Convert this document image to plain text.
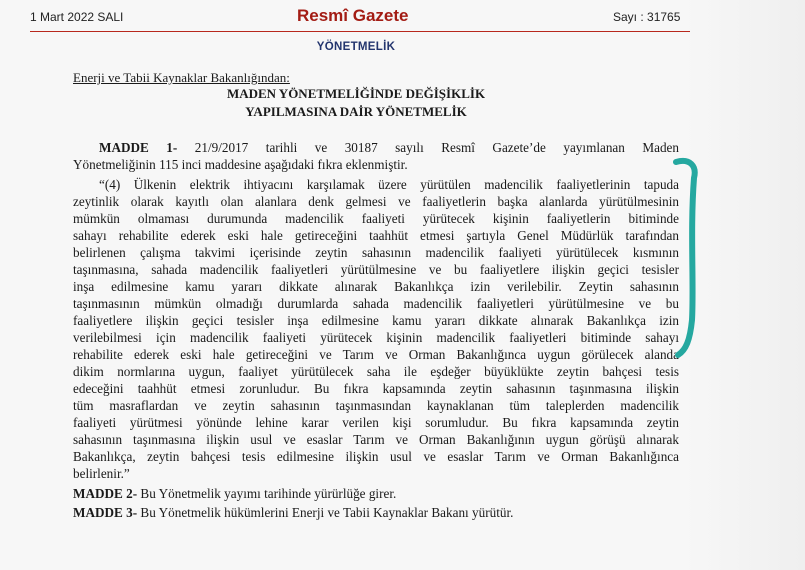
1 Mart 2022 SALI	Resmî Gazete	Sayı : 31765
YÖNETMELİK
Enerji ve Tabii Kaynaklar Bakanlığından:
MADEN YÖNETMELİĞİNDE DEĞİŞİKLİK
YAPILMASINA DAİR YÖNETMELİK
MADDE 1- 21/9/2017 tarihli ve 30187 sayılı Resmî Gazete’de yayımlanan Maden
Yönetmeliğinin 115 inci maddesine aşağıdaki fıkra eklenmiştir.
“(4) Ülkenin elektrik ihtiyacını karşılamak üzere yürütülen madencilik faaliyetlerinin tapuda
zeytinlik olarak kayıtlı olan alanlara denk gelmesi ve faaliyetlerin başka alanlarda yürütülmesinin
mümkün olmaması durumunda madencilik faaliyeti yürütecek kişinin faaliyetlerin bitiminde
sahayı rehabilite ederek eski hale getireceğini taahhüt etmesi şartıyla Genel Müdürlük tarafından
belirlenen çalışma takvimi içerisinde zeytin sahasının madencilik faaliyeti yürütülecek kısmının
taşınmasına, sahada madencilik faaliyetleri yürütülmesine ve bu faaliyetlere ilişkin geçici tesisler
inşa edilmesine kamu yararı dikkate alınarak Bakanlıkça izin verilebilir. Zeytin sahasının
taşınmasının mümkün olmadığı durumlarda sahada madencilik faaliyetleri yürütülmesine ve bu
faaliyetlere ilişkin geçici tesisler inşa edilmesine kamu yararı dikkate alınarak Bakanlıkça izin
verilebilmesi için madencilik faaliyeti yürütecek kişinin madencilik faaliyetleri bitiminde sahayı
rehabilite ederek eski hale getireceğini ve Tarım ve Orman Bakanlığınca uygun görülecek alanda
dikim normlarına uygun, faaliyet yürütülecek saha ile eşdeğer büyüklükte zeytin bahçesi tesis
edeceğini taahhüt etmesi zorunludur. Bu fıkra kapsamında zeytin sahasının taşınmasına ilişkin
tüm masraflardan ve zeytin sahasının taşınmasından kaynaklanan tüm taleplerden madencilik
faaliyeti yürütmesi yönünde lehine karar verilen kişi sorumludur. Bu fıkra kapsamında zeytin
sahasının taşınmasına ilişkin usul ve esaslar Tarım ve Orman Bakanlığının uygun görüşü alınarak
Bakanlıkça, zeytin bahçesi tesis edilmesine ilişkin usul ve esaslar Tarım ve Orman Bakanlığınca
belirlenir.”
MADDE 2- Bu Yönetmelik yayımı tarihinde yürürlüğe girer.
MADDE 3- Bu Yönetmelik hükümlerini Enerji ve Tabii Kaynaklar Bakanı yürütür.
